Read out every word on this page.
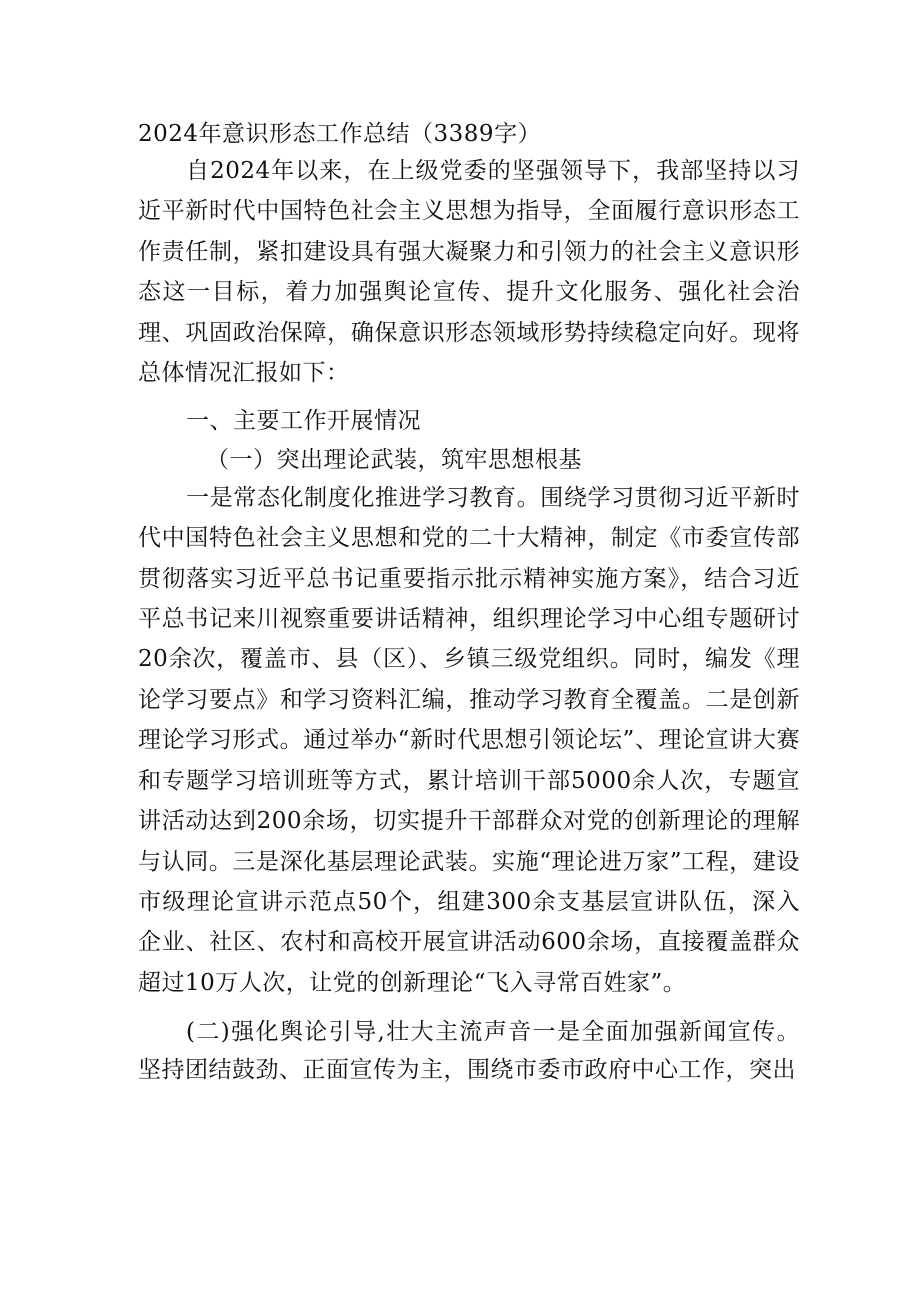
2024年意识形态工作总结（3389字）

自2024年以来，在上级党委的坚强领导下，我部坚持以习近平新时代中国特色社会主义思想为指导，全面履行意识形态工作责任制，紧扣建设具有强大凝聚力和引领力的社会主义意识形态这一目标，着力加强舆论宣传、提升文化服务、强化社会治理、巩固政治保障，确保意识形态领域形势持续稳定向好。现将总体情况汇报如下：

一、主要工作开展情况

（一）突出理论武装，筑牢思想根基

一是常态化制度化推进学习教育。围绕学习贯彻习近平新时代中国特色社会主义思想和党的二十大精神，制定《市委宣传部贯彻落实习近平总书记重要指示批示精神实施方案》，结合习近平总书记来川视察重要讲话精神，组织理论学习中心组专题研讨20余次，覆盖市、县（区）、乡镇三级党组织。同时，编发《理论学习要点》和学习资料汇编，推动学习教育全覆盖。二是创新理论学习形式。通过举办“新时代思想引领论坛”、理论宣讲大赛和专题学习培训班等方式，累计培训干部5000余人次，专题宣讲活动达到200余场，切实提升干部群众对党的创新理论的理解与认同。三是深化基层理论武装。实施“理论进万家”工程，建设市级理论宣讲示范点50个，组建300余支基层宣讲队伍，深入企业、社区、农村和高校开展宣讲活动600余场，直接覆盖群众超过10万人次，让党的创新理论“飞入寻常百姓家”。

(二)强化舆论引导,壮大主流声音一是全面加强新闻宣传。坚持团结鼓劲、正面宣传为主，围绕市委市政府中心工作，突出
